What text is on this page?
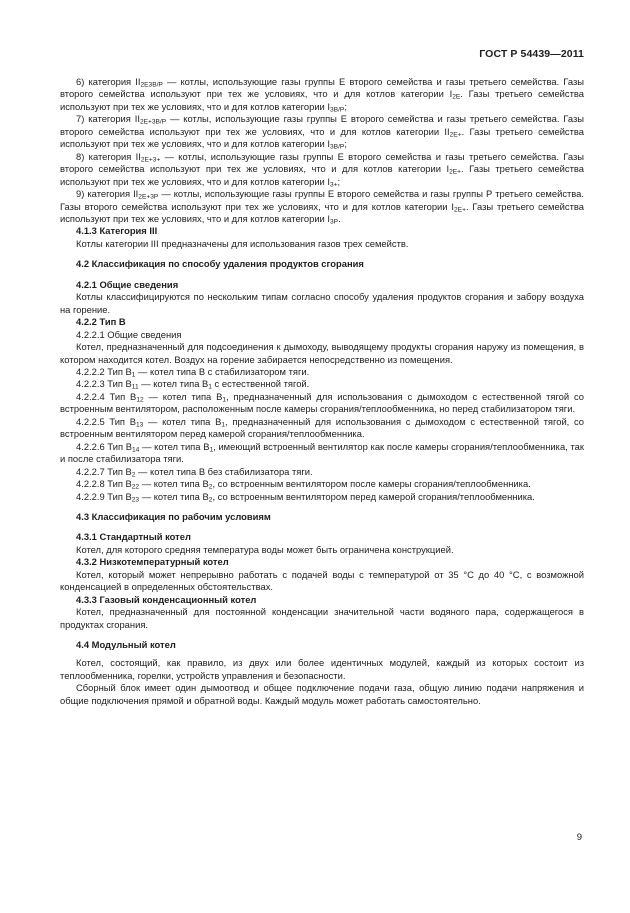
ГОСТ Р 54439—2011

6) категория $II_{2Е3В/Р}$ — котлы, использующие газы группы Е второго семейства и газы третьего семейства. Газы второго семейства используют при тех же условиях, что и для котлов категории $I_{2Е}$. Газы третьего семейства используют при тех же условиях, что и для котлов категории $I_{3В/Р}$;

7) категория $II_{2Е+3В/Р}$ — котлы, использующие газы группы Е второго семейства и газы третьего семейства. Газы второго семейства используют при тех же условиях, что и для котлов категории $II_{2Е+}$. Газы третьего семейства используют при тех же условиях, что и для котлов категории $I_{3В/Р}$;

8) категория $II_{2Е+3+}$ — котлы, использующие газы группы Е второго семейства и газы третьего семейства. Газы второго семейства используют при тех же условиях, что и для котлов категории $I_{2Е+}$. Газы третьего семейства используют при тех же условиях, что и для котлов категории $I_{3+}$;

9) категория $II_{2Е+3Р}$ — котлы, использующие газы группы Е второго семейства и газы группы Р третьего семейства. Газы второго семейства используют при тех же условиях, что и для котлов категории $I_{2Е+}$. Газы третьего семейства используют при тех же условиях, что и для котлов категории $I_{3Р}$.

4.1.3 Категория III

Котлы категории III предназначены для использования газов трех семейств.

4.2 Классификация по способу удаления продуктов сгорания

4.2.1 Общие сведения

Котлы классифицируются по нескольким типам согласно способу удаления продуктов сгорания и забору воздуха на горение.

4.2.2 Тип В

4.2.2.1 Общие сведения

Котел, предназначенный для подсоединения к дымоходу, выводящему продукты сгорания наружу из помещения, в котором находится котел. Воздух на горение забирается непосредственно из помещения.

4.2.2.2 Тип $В_1$ — котел типа В с стабилизатором тяги.

4.2.2.3 Тип $В_{11}$ — котел типа $В_1$ с естественной тягой.

4.2.2.4 Тип $В_{12}$ — котел типа $В_1$, предназначенный для использования с дымоходом с естественной тягой со встроенным вентилятором, расположенным после камеры сгорания/теплообменника, но перед стабилизатором тяги.

4.2.2.5 Тип $В_{13}$ — котел типа $В_1$, предназначенный для использования с дымоходом с естественной тягой, со встроенным вентилятором перед камерой сгорания/теплообменника.

4.2.2.6 Тип $В_{14}$ — котел типа $В_1$, имеющий встроенный вентилятор как после камеры сгорания/теплообменника, так и после стабилизатора тяги.

4.2.2.7 Тип $В_2$ — котел типа В без стабилизатора тяги.

4.2.2.8 Тип $В_{22}$ — котел типа $В_2$, со встроенным вентилятором после камеры сгорания/теплообменника.

4.2.2.9 Тип $В_{23}$ — котел типа $В_2$, со встроенным вентилятором перед камерой сгорания/теплообменника.

4.3 Классификация по рабочим условиям

4.3.1 Стандартный котел

Котел, для которого средняя температура воды может быть ограничена конструкцией.

4.3.2 Низкотемпературный котел

Котел, который может непрерывно работать с подачей воды с температурой от 35 °С до 40 °С, с возможной конденсацией в определенных обстоятельствах.

4.3.3 Газовый конденсационный котел

Котел, предназначенный для постоянной конденсации значительной части водяного пара, содержащегося в продуктах сгорания.

4.4 Модульный котел

Котел, состоящий, как правило, из двух или более идентичных модулей, каждый из которых состоит из теплообменника, горелки, устройств управления и безопасности.

Сборный блок имеет один дымоотвод и общее подключение подачи газа, общую линию подачи напряжения и общие подключения прямой и обратной воды. Каждый модуль может работать самостоятельно.

9
